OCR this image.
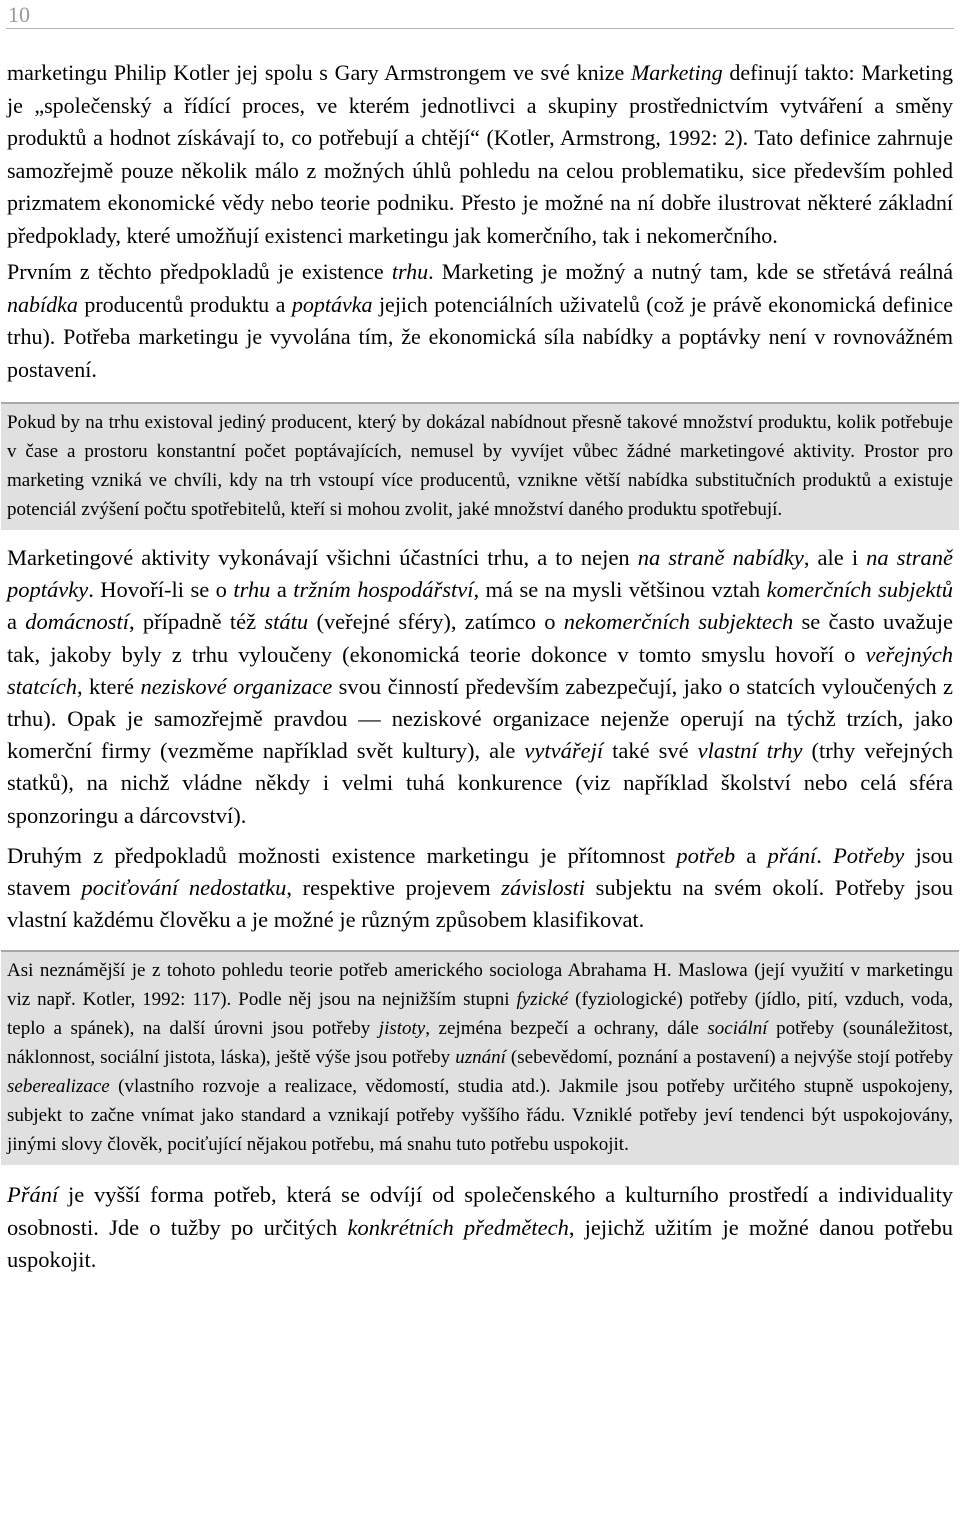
10

marketingu Philip Kotler jej spolu s Gary Armstrongem ve své knize Marketing definují takto: Marketing je „společenský a řídící proces, ve kterém jednotlivci a skupiny prostřednictvím vytváření a směny produktů a hodnot získávají to, co potřebují a chtějí“ (Kotler, Armstrong, 1992: 2). Tato definice zahrnuje samozřejmě pouze několik málo z možných úhlů pohledu na celou problematiku, sice především pohled prizmatem ekonomické vědy nebo teorie podniku. Přesto je možné na ní dobře ilustrovat některé základní předpoklady, které umožňují existenci marketingu jak komerčního, tak i nekomerčního.

Prvním z těchto předpokladů je existence trhu. Marketing je možný a nutný tam, kde se střetává reálná nabídka producentů produktu a poptávka jejich potenciálních uživatelů (což je právě ekonomická definice trhu). Potřeba marketingu je vyvolána tím, že ekonomická síla nabídky a poptávky není v rovnovážném postavení.

Pokud by na trhu existoval jediný producent, který by dokázal nabídnout přesně takové množství produktu, kolik potřebuje v čase a prostoru konstantní počet poptávajících, nemusel by vyvíjet vůbec žádné marketingové aktivity. Prostor pro marketing vzniká ve chvíli, kdy na trh vstoupí více producentů, vznikne větší nabídka substitučních produktů a existuje potenciál zvýšení počtu spotřebitelů, kteří si mohou zvolit, jaké množství daného produktu spotřebují.

Marketingové aktivity vykonávají všichni účastníci trhu, a to nejen na straně nabídky, ale i na straně poptávky. Hovoří-li se o trhu a tržním hospodářství, má se na mysli většinou vztah komerčních subjektů a domácností, případně též státu (veřejné sféry), zatímco o nekomerčních subjektech se často uvažuje tak, jakoby byly z trhu vyloučeny (ekonomická teorie dokonce v tomto smyslu hovoří o veřejných statcích, které neziskové organizace svou činností především zabezpečují, jako o statcích vyloučených z trhu). Opak je samozřejmě pravdou — neziskové organizace nejenže operují na týchž trzích, jako komerční firmy (vezměme například svět kultury), ale vytvářejí také své vlastní trhy (trhy veřejných statků), na nichž vládne někdy i velmi tuhá konkurence (viz například školství nebo celá sféra sponzoringu a dárcovství).

Druhým z předpokladů možnosti existence marketingu je přítomnost potřeb a přání. Potřeby jsou stavem pociťování nedostatku, respektive projevem závislosti subjektu na svém okolí. Potřeby jsou vlastní každému člověku a je možné je různým způsobem klasifikovat.

Asi neznámější je z tohoto pohledu teorie potřeb amerického sociologa Abrahama H. Maslowa (její využití v marketingu viz např. Kotler, 1992: 117). Podle něj jsou na nejnižším stupni fyzické (fyziologické) potřeby (jídlo, pití, vzduch, voda, teplo a spánek), na další úrovni jsou potřeby jistoty, zejména bezpečí a ochrany, dále sociální potřeby (sounáležitost, náklonnost, sociální jistota, láska), ještě výše jsou potřeby uznání (sebevědomí, poznání a postavení) a nejvýše stojí potřeby seberealizace (vlastního rozvoje a realizace, vědomostí, studia atd.). Jakmile jsou potřeby určitého stupně uspokojeny, subjekt to začne vnímat jako standard a vznikají potřeby vyššího řádu. Vzniklé potřeby jeví tendenci být uspokojovány, jinými slovy člověk, pociťující nějakou potřebu, má snahu tuto potřebu uspokojit.

Přání je vyšší forma potřeb, která se odvíjí od společenského a kulturního prostředí a individuality osobnosti. Jde o tužby po určitých konkrétních předmětech, jejichž užitím je možné danou potřebu uspokojit.
